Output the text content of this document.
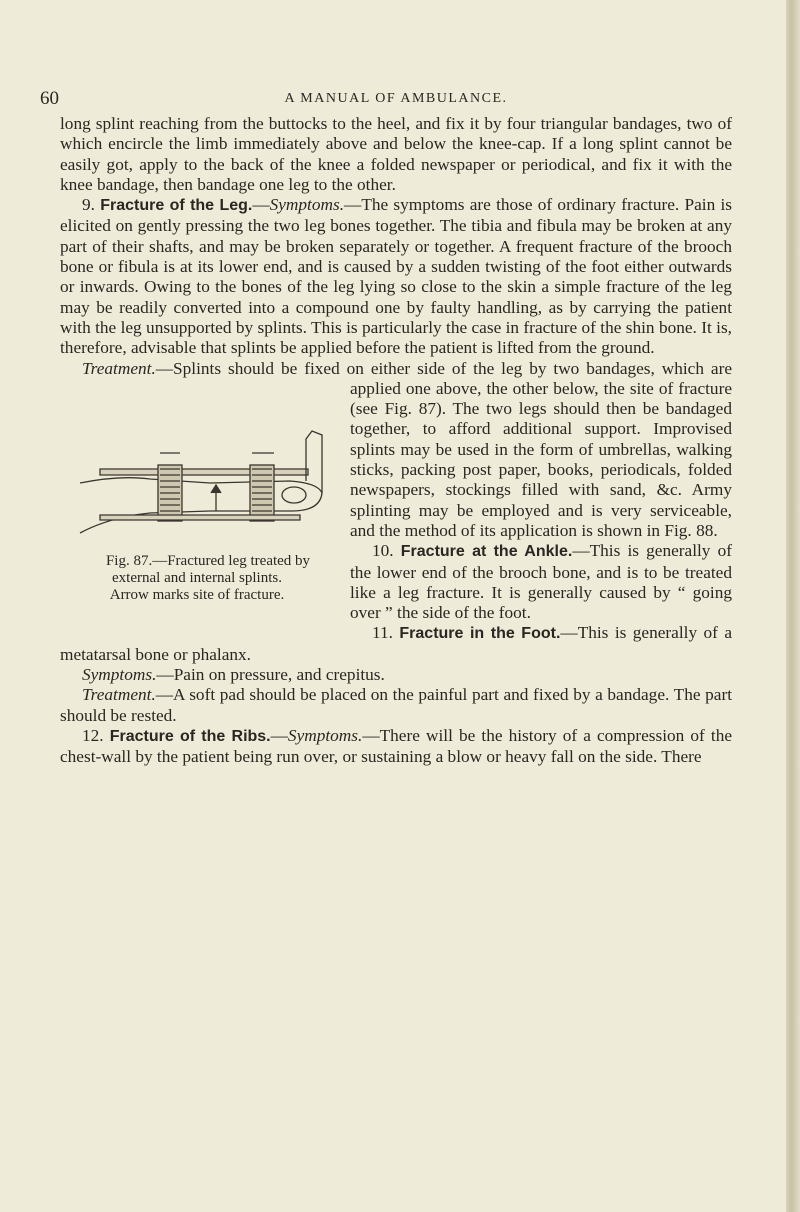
60	A MANUAL OF AMBULANCE.

long splint reaching from the buttocks to the heel, and fix it by four triangular bandages, two of which encircle the limb immediately above and below the knee-cap. If a long splint cannot be easily got, apply to the back of the knee a folded newspaper or periodical, and fix it with the knee bandage, then bandage one leg to the other.

9. Fracture of the Leg.—Symptoms.—The symptoms are those of ordinary fracture. Pain is elicited on gently pressing the two leg bones together. The tibia and fibula may be broken at any part of their shafts, and may be broken separately or together. A frequent fracture of the brooch bone or fibula is at its lower end, and is caused by a sudden twisting of the foot either outwards or inwards. Owing to the bones of the leg lying so close to the skin a simple fracture of the leg may be readily converted into a compound one by faulty handling, as by carrying the patient with the leg unsupported by splints. This is particularly the case in fracture of the shin bone. It is, therefore, advisable that splints be applied before the patient is lifted from the ground.

Treatment.—Splints should be fixed on either side of the leg by two bandages, which are applied one above, the other below, the
Fig. 87.—Fractured leg treated by
external and internal splints.
Arrow marks site of fracture.
site of fracture (see Fig. 87). The two legs should then be bandaged together, to afford additional support. Improvised splints may be used in the form of umbrellas, walking sticks, packing post paper, books, periodicals, folded newspapers, stockings filled with sand, &c. Army splinting may be employed and is very serviceable, and the method of its application is shown in Fig. 88.

10. Fracture at the Ankle.—This is generally of the lower end of the brooch bone, and is to be treated like a leg fracture. It is generally caused by “ going over ” the side of the foot.

11. Fracture in the Foot.—This is generally of a metatarsal bone or phalanx.

Symptoms.—Pain on pressure, and crepitus.

Treatment.—A soft pad should be placed on the painful part and fixed by a bandage. The part should be rested.

12. Fracture of the Ribs.—Symptoms.—There will be the history of a compression of the chest-wall by the patient being run over, or sustaining a blow or heavy fall on the side. There
